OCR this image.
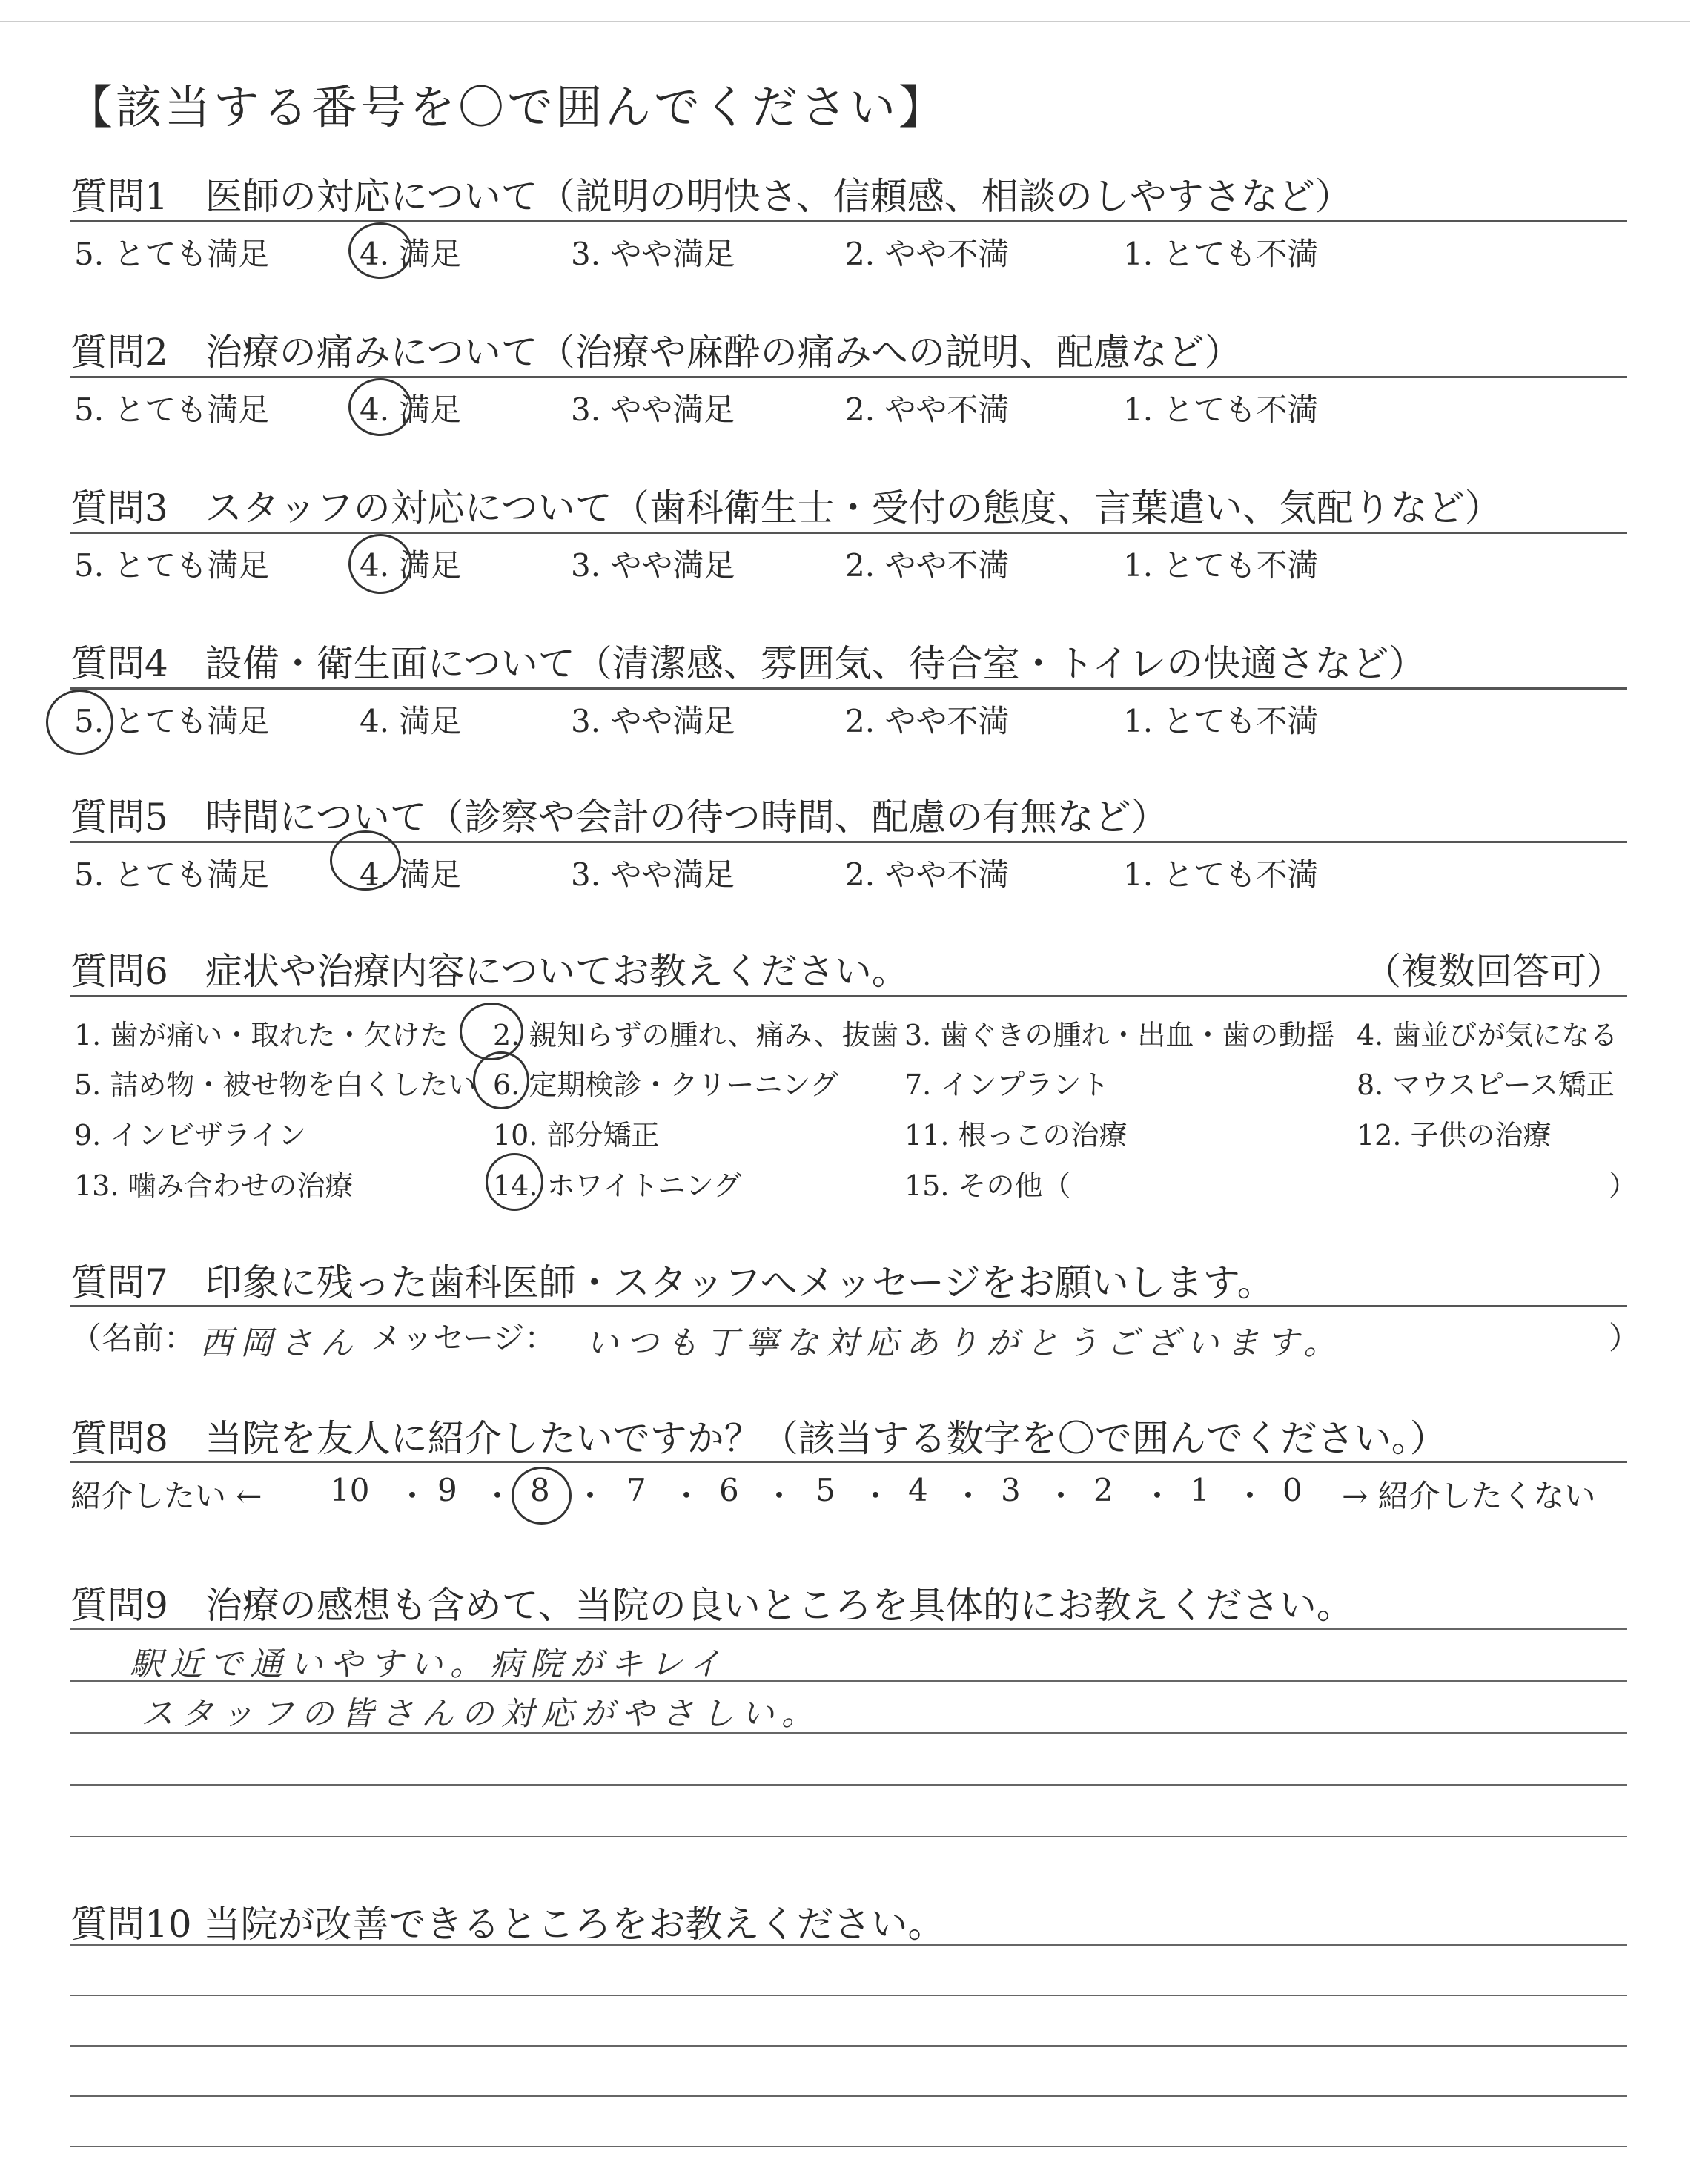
【該当する番号を〇で囲んでください】
質問1　医師の対応について（説明の明快さ、信頼感、相談のしやすさなど）
5. とても満足	4. 満足	3. やや満足	2. やや不満	1. とても不満
質問2　治療の痛みについて（治療や麻酔の痛みへの説明、配慮など）
5. とても満足	4. 満足	3. やや満足	2. やや不満	1. とても不満
質問3　スタッフの対応について（歯科衛生士・受付の態度、言葉遣い、気配りなど）
5. とても満足	4. 満足	3. やや満足	2. やや不満	1. とても不満
質問4　設備・衛生面について（清潔感、雰囲気、待合室・トイレの快適さなど）
5. とても満足	4. 満足	3. やや満足	2. やや不満	1. とても不満
質問5　時間について（診察や会計の待つ時間、配慮の有無など）
5. とても満足	4. 満足	3. やや満足	2. やや不満	1. とても不満
質問6　症状や治療内容についてお教えください。	（複数回答可）
1. 歯が痛い・取れた・欠けた 2. 親知らずの腫れ、痛み、抜歯 3. 歯ぐきの腫れ・出血・歯の動揺 4. 歯並びが気になる
5. 詰め物・被せ物を白くしたい 6. 定期検診・クリーニング 7. インプラント	8. マウスピース矯正
9. インビザライン	10. 部分矯正	11. 根っこの治療	12. 子供の治療
13. 噛み合わせの治療	14. ホワイトニング	15. その他（	）
質問7　印象に残った歯科医師・スタッフへメッセージをお願いします。
（名前： 西岡さん メッセージ： いつも丁寧な対応ありがとうございます。	）
質問8　当院を友人に紹介したいですか？（該当する数字を〇で囲んでください。）
紹介したい ← 10 ・ 9 ・ 8 ・ 7 ・ 6 ・ 5 ・ 4 ・ 3 ・ 2 ・ 1 ・ 0 → 紹介したくない
質問9　治療の感想も含めて、当院の良いところを具体的にお教えください。
駅近で通いやすい。病院がキレイ
スタッフの皆さんの対応がやさしい。
質問10 当院が改善できるところをお教えください。
